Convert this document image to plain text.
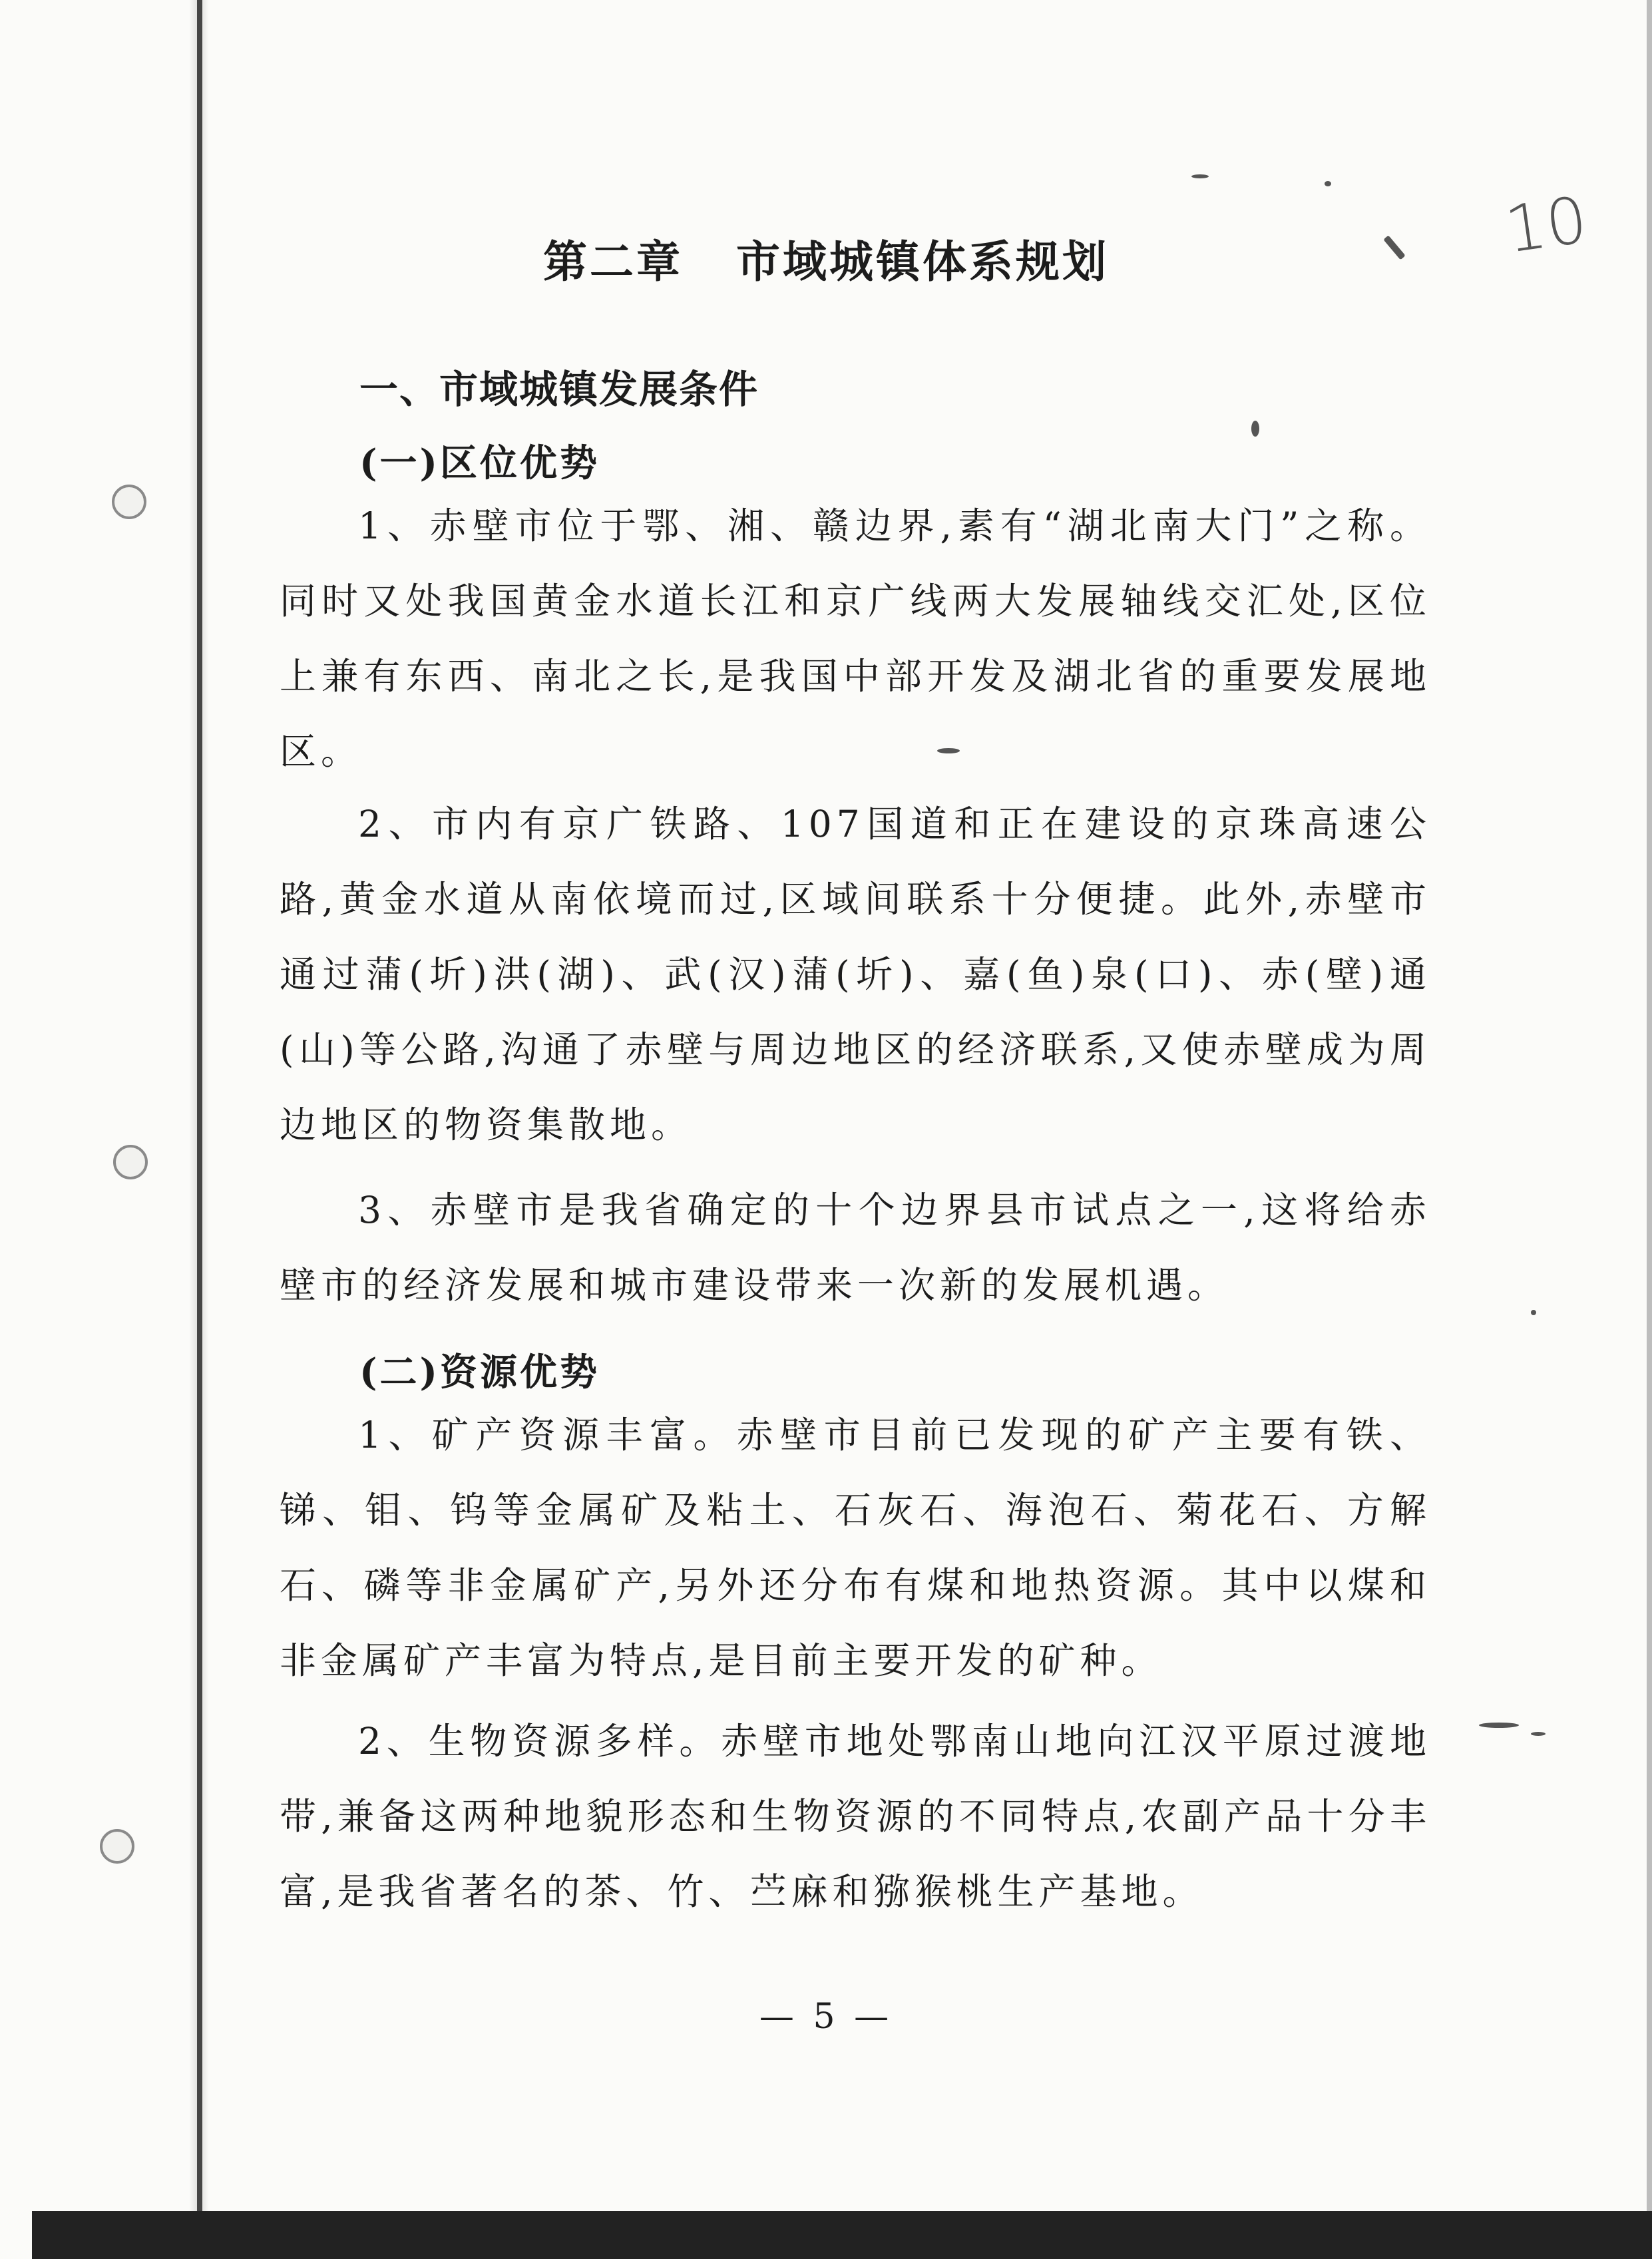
10
第二章 市域城镇体系规划
一、市域城镇发展条件
(一)区位优势

1、赤壁市位于鄂、湘、赣边界,素有“湖北南大门”之称。同时又处我国黄金水道长江和京广线两大发展轴线交汇处,区位上兼有东西、南北之长,是我国中部开发及湖北省的重要发展地区。

2、市内有京广铁路、107国道和正在建设的京珠高速公路,黄金水道从南依境而过,区域间联系十分便捷。此外,赤壁市通过蒲(圻)洪(湖)、武(汉)蒲(圻)、嘉(鱼)泉(口)、赤(壁)通(山)等公路,沟通了赤壁与周边地区的经济联系,又使赤壁成为周边地区的物资集散地。

3、赤壁市是我省确定的十个边界县市试点之一,这将给赤壁市的经济发展和城市建设带来一次新的发展机遇。

(二)资源优势

1、矿产资源丰富。赤壁市目前已发现的矿产主要有铁、锑、钼、钨等金属矿及粘土、石灰石、海泡石、菊花石、方解石、磷等非金属矿产,另外还分布有煤和地热资源。其中以煤和非金属矿产丰富为特点,是目前主要开发的矿种。

2、生物资源多样。赤壁市地处鄂南山地向江汉平原过渡地带,兼备这两种地貌形态和生物资源的不同特点,农副产品十分丰富,是我省著名的茶、竹、苎麻和猕猴桃生产基地。

— 5 —
